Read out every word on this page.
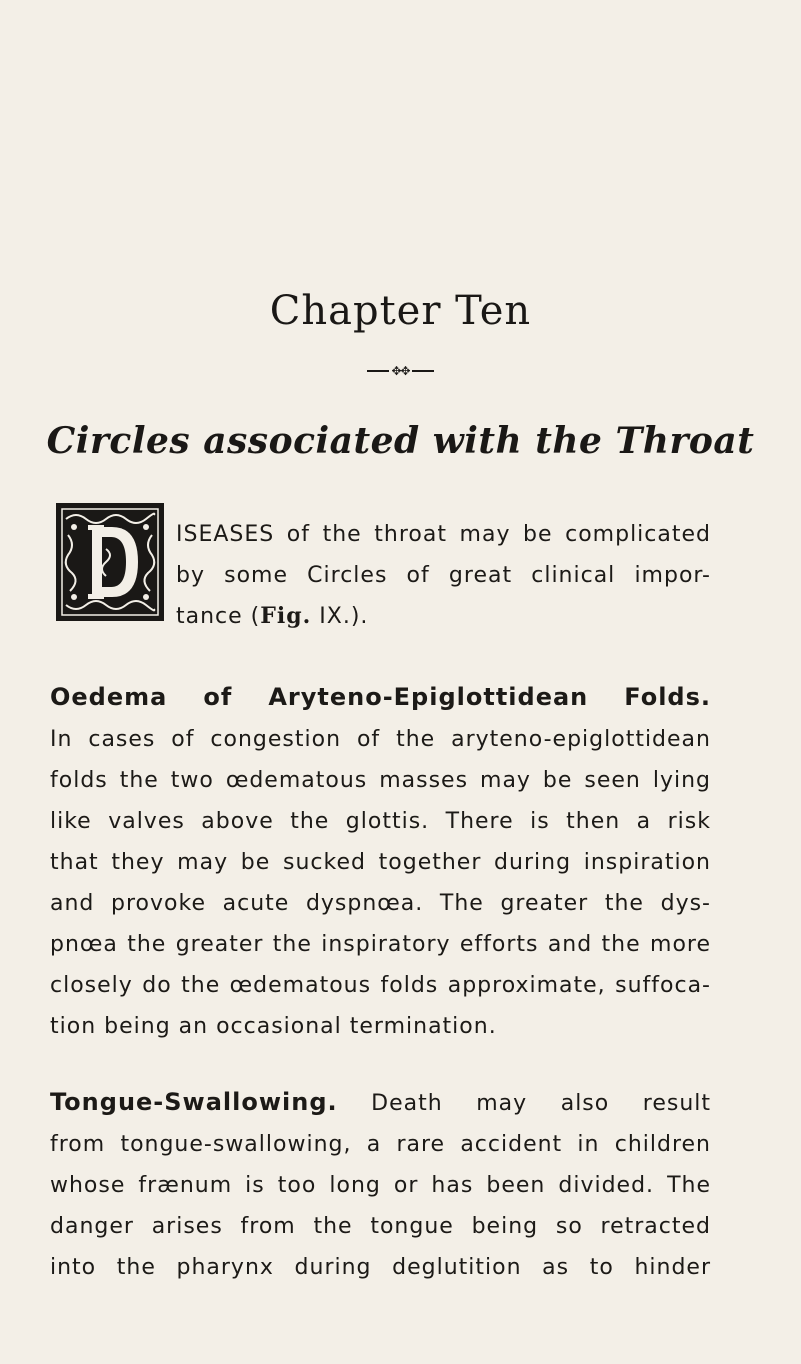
Chapter Ten
✥✥
Circles associated with the Throat
ISEASES of the throat may be complicated
by some Circles of great clinical impor-
tance (Fig. IX.).
Oedema of Aryteno-Epiglottidean Folds.
In cases of congestion of the aryteno-epiglottidean
folds the two œdematous masses may be seen lying
like valves above the glottis. There is then a risk
that they may be sucked together during inspiration
and provoke acute dyspnœa. The greater the dys-
pnœa the greater the inspiratory efforts and the more
closely do the œdematous folds approximate, suffoca-
tion being an occasional termination.
Tongue-Swallowing. Death may also result
from tongue-swallowing, a rare accident in children
whose frænum is too long or has been divided. The
danger arises from the tongue being so retracted
into the pharynx during deglutition as to hinder
